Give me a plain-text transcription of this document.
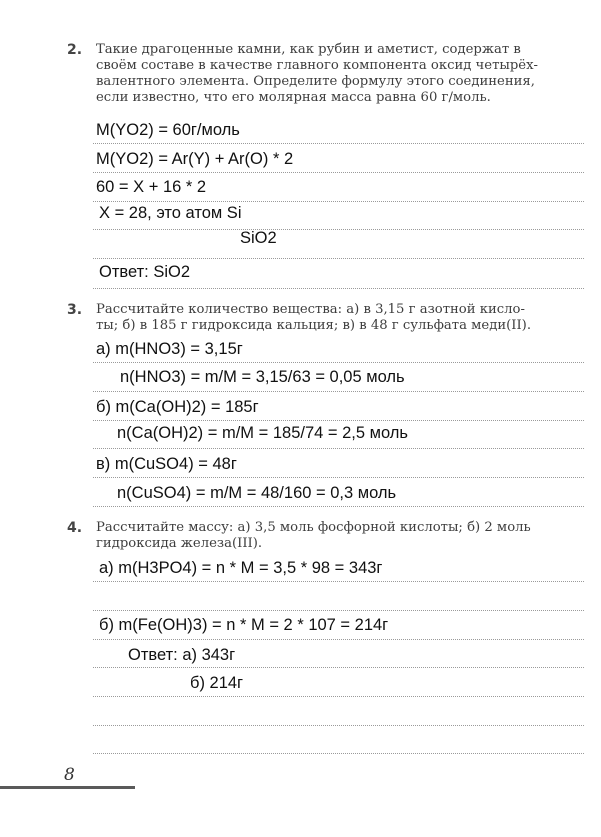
2. Такие драгоценные камни, как рубин и аметист, содержат в
своём составе в качестве главного компонента оксид четырёх-
валентного элемента. Определите формулу этого соединения,
если известно, что его молярная масса равна 60 г/моль.
M(YO2) = 60г/моль
M(YO2) = Ar(Y) + Ar(O) * 2
60 = X + 16 * 2
X = 28, это атом Si
SiO2
Ответ: SiO2
3. Рассчитайте количество вещества: а) в 3,15 г азотной кисло-
ты; б) в 185 г гидроксида кальция; в) в 48 г сульфата меди(II).
а) m(HNO3) = 3,15г
n(HNO3) = m/M = 3,15/63 = 0,05 моль
б) m(Ca(OH)2) = 185г
n(Ca(OH)2) = m/M = 185/74 = 2,5 моль
в) m(CuSO4) = 48г
n(CuSO4) = m/M = 48/160 = 0,3 моль
4. Рассчитайте массу: а) 3,5 моль фосфорной кислоты; б) 2 моль
гидроксида железа(III).
а) m(H3PO4) = n * M = 3,5 * 98 = 343г
б) m(Fe(OH)3) = n * M = 2 * 107 = 214г
Ответ: а) 343г
б) 214г
8
